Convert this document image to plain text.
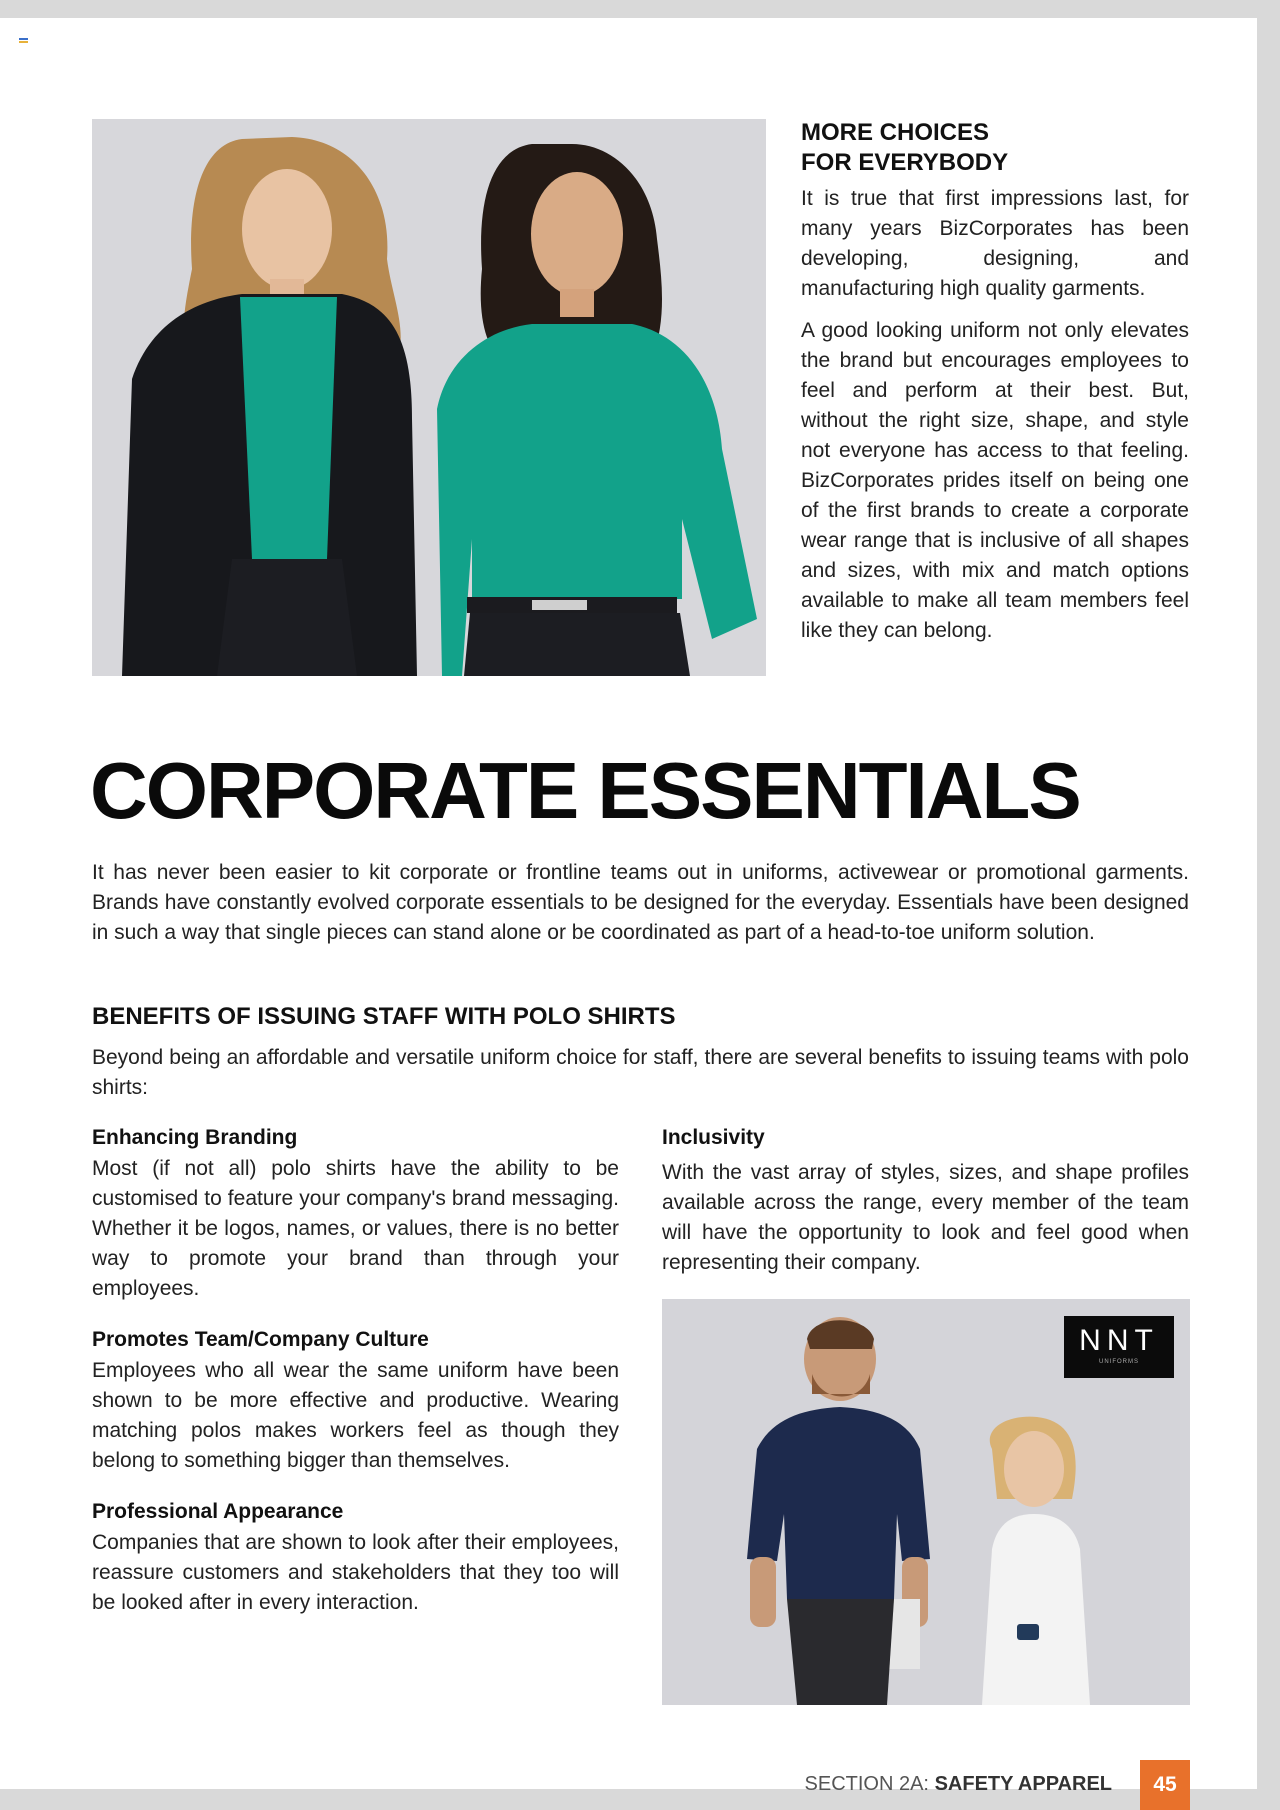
MORE CHOICES
FOR EVERYBODY

It is true that first impressions last, for many years BizCorporates has been developing, designing, and manufacturing high quality garments.

A good looking uniform not only elevates the brand but encourages employees to feel and perform at their best. But, without the right size, shape, and style not everyone has access to that feeling. BizCorporates prides itself on being one of the first brands to create a corporate wear range that is inclusive of all shapes and sizes, with mix and match options available to make all team members feel like they can belong.

CORPORATE ESSENTIALS

It has never been easier to kit corporate or frontline teams out in uniforms, activewear or promotional garments. Brands have constantly evolved corporate essentials to be designed for the everyday. Essentials have been designed in such a way that single pieces can stand alone or be coordinated as part of a head-to-toe uniform solution.

BENEFITS OF ISSUING STAFF WITH POLO SHIRTS

Beyond being an affordable and versatile uniform choice for staff, there are several benefits to issuing teams with polo shirts:

Enhancing Branding

Most (if not all) polo shirts have the ability to be customised to feature your company's brand messaging. Whether it be logos, names, or values, there is no better way to promote your brand than through your employees.

Promotes Team/Company Culture

Employees who all wear the same uniform have been shown to be more effective and productive. Wearing matching polos makes workers feel as though they belong to something bigger than themselves.

Professional Appearance

Companies that are shown to look after their employees, reassure customers and stakeholders that they too will be looked after in every interaction.

Inclusivity

With the vast array of styles, sizes, and shape profiles available across the range, every member of the team will have the opportunity to look and feel good when representing their company.

NNT
UNIFORMS
SECTION 2A: SAFETY APPAREL	45
